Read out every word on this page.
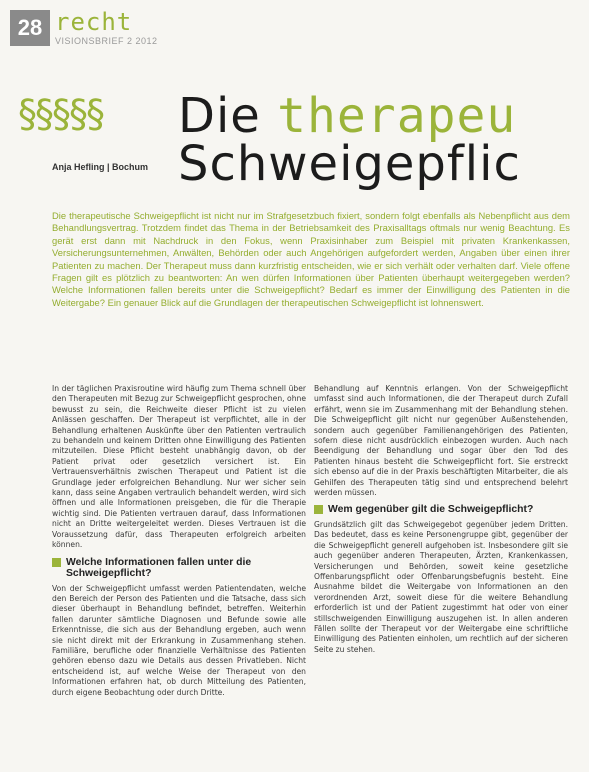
28 recht
VISIONSBRIEF 2 2012
§§§§§ Die therapeu
Schweigepflic
Anja Hefling | Bochum
Die therapeutische Schweigepflicht ist nicht nur im Strafgesetzbuch fixiert, sondern folgt ebenfalls als Nebenpflicht aus dem Behandlungsvertrag. Trotzdem findet das Thema in der Betriebsamkeit des Praxisalltags oftmals nur wenig Beachtung. Es gerät erst dann mit Nachdruck in den Fokus, wenn Praxisinhaber zum Beispiel mit privaten Krankenkassen, Versicherungsunternehmen, Anwälten, Behörden oder auch Angehörigen aufgefordert werden, Angaben über einen ihrer Patienten zu machen. Der Therapeut muss dann kurzfristig entscheiden, wie er sich verhält oder verhalten darf. Viele offene Fragen gilt es plötzlich zu beantworten: An wen dürfen Informationen über Patienten überhaupt weitergegeben werden? Welche Informationen fallen bereits unter die Schweigepflicht? Bedarf es immer der Einwilligung des Patienten in die Weitergabe? Ein genauer Blick auf die Grundlagen der therapeutischen Schweigepflicht ist lohnenswert.

In der täglichen Praxisroutine wird häufig zum Thema schnell über den Therapeuten mit Bezug zur Schweigepflicht gesprochen, ohne bewusst zu sein, die Reichweite dieser Pflicht ist zu vielen Anlässen geschaffen. Der Therapeut ist verpflichtet, alle in der Behandlung erhaltenen Auskünfte über den Patienten vertraulich zu behandeln und keinem Dritten ohne Einwilligung des Patienten mitzuteilen. Diese Pflicht besteht unabhängig davon, ob der Patient privat oder gesetzlich versichert ist. Ein Vertrauensverhältnis zwischen Therapeut und Patient ist die Grundlage jeder erfolgreichen Behandlung. Nur wer sicher sein kann, dass seine Angaben vertraulich behandelt werden, wird sich öffnen und alle Informationen preisgeben, die für die Therapie wichtig sind. Die Patienten vertrauen darauf, dass Informationen nicht an Dritte weitergeleitet werden. Dieses Vertrauen ist die Voraussetzung dafür, dass Therapeuten erfolgreich arbeiten können.

Welche Informationen fallen unter die Schweigepflicht?

Von der Schweigepflicht umfasst werden Patientendaten, welche den Bereich der Person des Patienten und die Tatsache, dass sich dieser überhaupt in Behandlung befindet, betreffen. Weiterhin fallen darunter sämtliche Diagnosen und Befunde sowie alle Erkenntnisse, die sich aus der Behandlung ergeben, auch wenn sie nicht direkt mit der Erkrankung in Zusammenhang stehen. Familiäre, berufliche oder finanzielle Verhältnisse des Patienten gehören ebenso dazu wie Details aus dessen Privatleben. Nicht entscheidend ist, auf welche Weise der Therapeut von den Informationen erfahren hat, ob durch Mitteilung des Patienten, durch eigene Beobachtung oder durch Dritte.

Behandlung auf Kenntnis erlangen. Von der Schweigepflicht umfasst sind auch Informationen, die der Therapeut durch Zufall erfährt, wenn sie im Zusammenhang mit der Behandlung stehen. Die Schweigepflicht gilt nicht nur gegenüber Außenstehenden, sondern auch gegenüber Familienangehörigen des Patienten, sofern diese nicht ausdrücklich einbezogen wurden. Auch nach Beendigung der Behandlung und sogar über den Tod des Patienten hinaus besteht die Schweigepflicht fort. Sie erstreckt sich ebenso auf die in der Praxis beschäftigten Mitarbeiter, die als Gehilfen des Therapeuten tätig sind und entsprechend belehrt werden müssen.

Wem gegenüber gilt die Schweigepflicht?

Grundsätzlich gilt das Schweigegebot gegenüber jedem Dritten. Das bedeutet, dass es keine Personengruppe gibt, gegenüber der die Schweigepflicht generell aufgehoben ist. Insbesondere gilt sie auch gegenüber anderen Therapeuten, Ärzten, Krankenkassen, Versicherungen und Behörden, soweit keine gesetzliche Offenbarungspflicht oder Offenbarungsbefugnis besteht. Eine Ausnahme bildet die Weitergabe von Informationen an den verordnenden Arzt, soweit diese für die weitere Behandlung erforderlich ist und der Patient zugestimmt hat oder von einer stillschweigenden Einwilligung auszugehen ist. In allen anderen Fällen sollte der Therapeut vor der Weitergabe eine schriftliche Einwilligung des Patienten einholen, um rechtlich auf der sicheren Seite zu stehen.
